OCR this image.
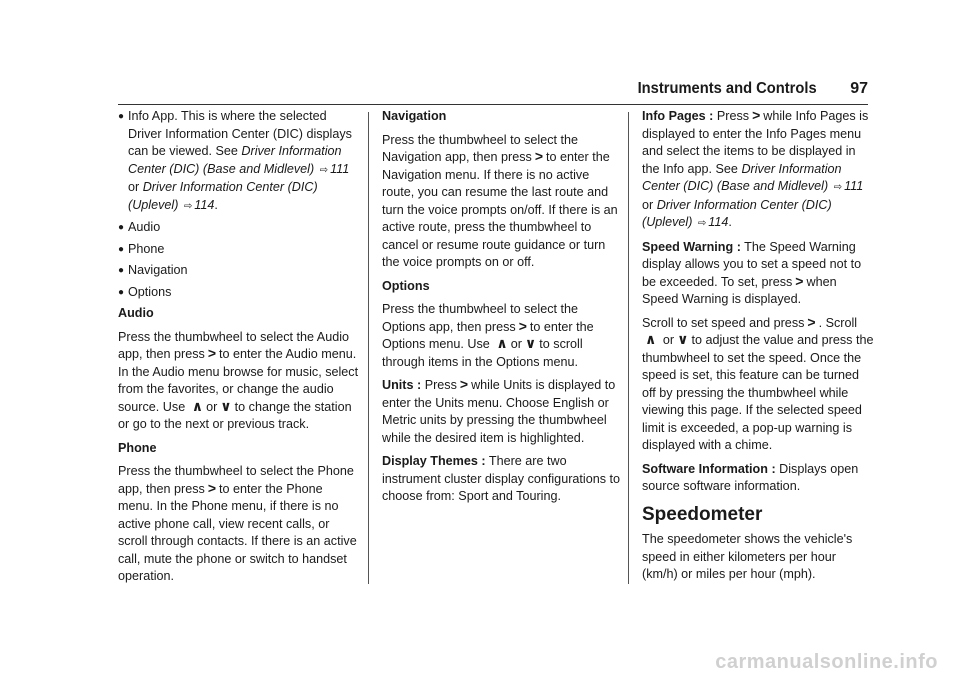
Instruments and Controls 97
● Info App. This is where the selected Driver Information Center (DIC) displays can be viewed. See Driver Information Center (DIC) (Base and Midlevel) ⇨ 111 or Driver Information Center (DIC) (Uplevel) ⇨ 114.
● Audio
● Phone
● Navigation
● Options

Audio

Press the thumbwheel to select the Audio app, then press > to enter the Audio menu. In the Audio menu browse for music, select from the favorites, or change the audio source. Use ∧ or ∨ to change the station or go to the next or previous track.

Phone

Press the thumbwheel to select the Phone app, then press > to enter the Phone menu. In the Phone menu, if there is no active phone call, view recent calls, or scroll through contacts. If there is an active call, mute the phone or switch to handset operation.

Navigation

Press the thumbwheel to select the Navigation app, then press > to enter the Navigation menu. If there is no active route, you can resume the last route and turn the voice prompts on/off. If there is an active route, press the thumbwheel to cancel or resume route guidance or turn the voice prompts on or off.

Options

Press the thumbwheel to select the Options app, then press > to enter the Options menu. Use ∧ or ∨ to scroll through items in the Options menu.

Units : Press > while Units is displayed to enter the Units menu. Choose English or Metric units by pressing the thumbwheel while the desired item is highlighted.

Display Themes : There are two instrument cluster display configurations to choose from: Sport and Touring.

Info Pages : Press > while Info Pages is displayed to enter the Info Pages menu and select the items to be displayed in the Info app. See Driver Information Center (DIC) (Base and Midlevel) ⇨ 111 or Driver Information Center (DIC) (Uplevel) ⇨ 114.

Speed Warning : The Speed Warning display allows you to set a speed not to be exceeded. To set, press > when Speed Warning is displayed.

Scroll to set speed and press > . Scroll∧ or ∨ to adjust the value and press the thumbwheel to set the speed. Once the speed is set, this feature can be turned off by pressing the thumbwheel while viewing this page. If the selected speed limit is exceeded, a pop-up warning is displayed with a chime.

Software Information : Displays open source software information.

Speedometer

The speedometer shows the vehicle's speed in either kilometers per hour (km/h) or miles per hour (mph).

carmanualsonline.info
